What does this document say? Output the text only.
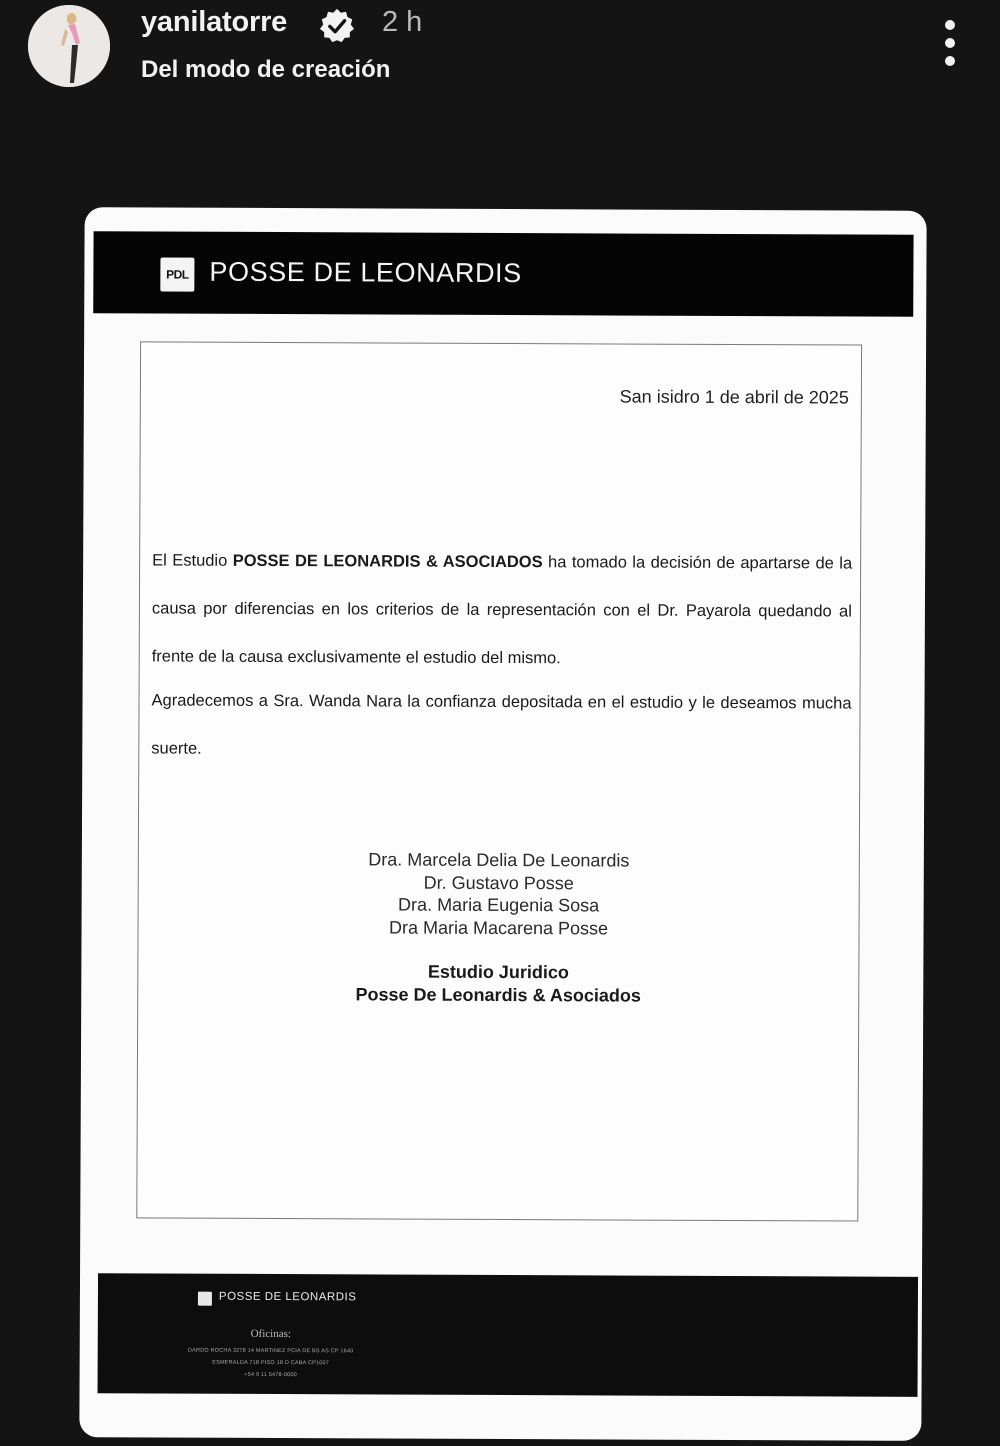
yanilatorre	2 h
Del modo de creación
PDL POSSE DE LEONARDIS
San isidro 1 de abril de 2025

El Estudio POSSE DE LEONARDIS & ASOCIADOS ha tomado la decisión de apartarse de la causa por diferencias en los criterios de la representación con el Dr. Payarola quedando al frente de la causa exclusivamente el estudio del mismo.

Agradecemos a Sra. Wanda Nara la confianza depositada en el estudio y le deseamos mucha suerte.

Dra. Marcela Delia De Leonardis
Dr. Gustavo Posse
Dra. Maria Eugenia Sosa
Dra Maria Macarena Posse
Estudio Juridico
Posse De Leonardis & Asociados
POSSE DE LEONARDIS
Oficinas:
DARDO ROCHA 3278 14 MARTINEZ PCIA DE BS AS CP 1640
ESMERALDA 718 PISO 18 D CABA CP1007
+54 9 11 5478-0000
